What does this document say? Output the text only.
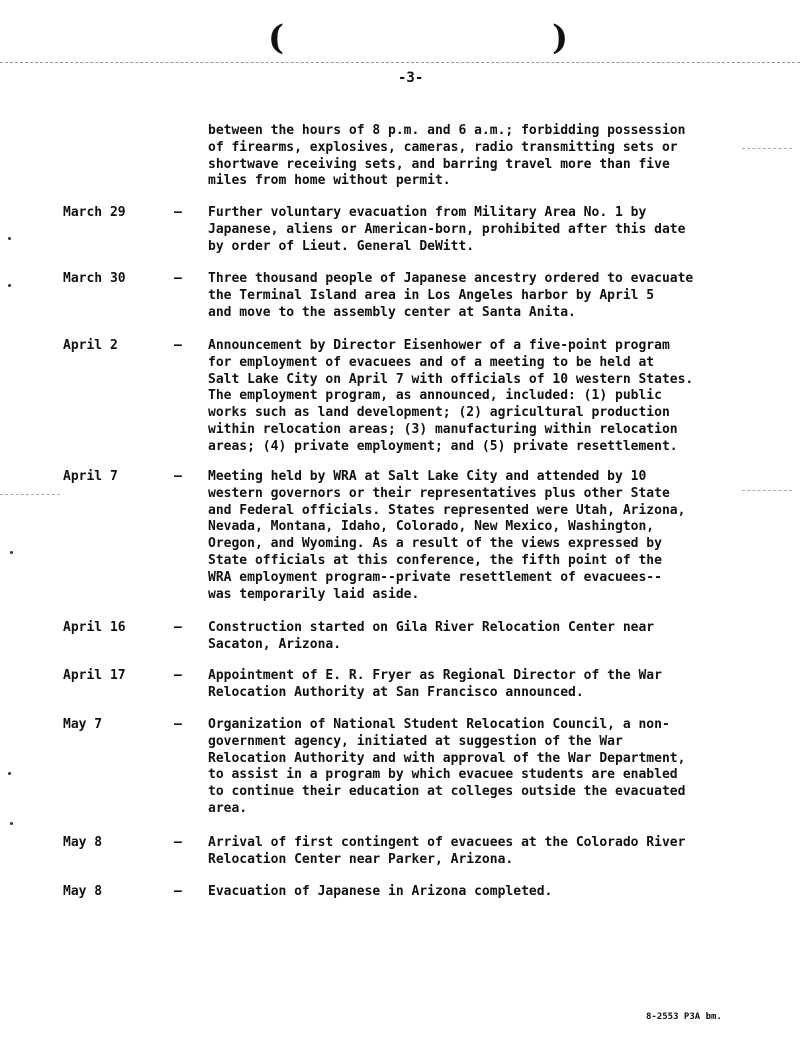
(	)
-3-
between the hours of 8 p.m. and 6 a.m.; forbidding possession
of firearms, explosives, cameras, radio transmitting sets or
shortwave receiving sets, and barring travel more than five
miles from home without permit.
March 29	— Further voluntary evacuation from Military Area No. 1 by
Japanese, aliens or American-born, prohibited after this date
by order of Lieut. General DeWitt.
March 30	— Three thousand people of Japanese ancestry ordered to evacuate
the Terminal Island area in Los Angeles harbor by April 5
and move to the assembly center at Santa Anita.
April 2	— Announcement by Director Eisenhower of a five-point program
for employment of evacuees and of a meeting to be held at
Salt Lake City on April 7 with officials of 10 western States.
The employment program, as announced, included: (1) public
works such as land development; (2) agricultural production
within relocation areas; (3) manufacturing within relocation
areas; (4) private employment; and (5) private resettlement.
April 7	— Meeting held by WRA at Salt Lake City and attended by 10
western governors or their representatives plus other State
and Federal officials. States represented were Utah, Arizona,
Nevada, Montana, Idaho, Colorado, New Mexico, Washington,
Oregon, and Wyoming. As a result of the views expressed by
State officials at this conference, the fifth point of the
WRA employment program--private resettlement of evacuees--
was temporarily laid aside.
April 16	— Construction started on Gila River Relocation Center near
Sacaton, Arizona.
April 17	— Appointment of E. R. Fryer as Regional Director of the War
Relocation Authority at San Francisco announced.
May 7	— Organization of National Student Relocation Council, a non-
government agency, initiated at suggestion of the War
Relocation Authority and with approval of the War Department,
to assist in a program by which evacuee students are enabled
to continue their education at colleges outside the evacuated
area.
May 8	— Arrival of first contingent of evacuees at the Colorado River
Relocation Center near Parker, Arizona.
May 8	— Evacuation of Japanese in Arizona completed.
8-2553 P3A bm.
